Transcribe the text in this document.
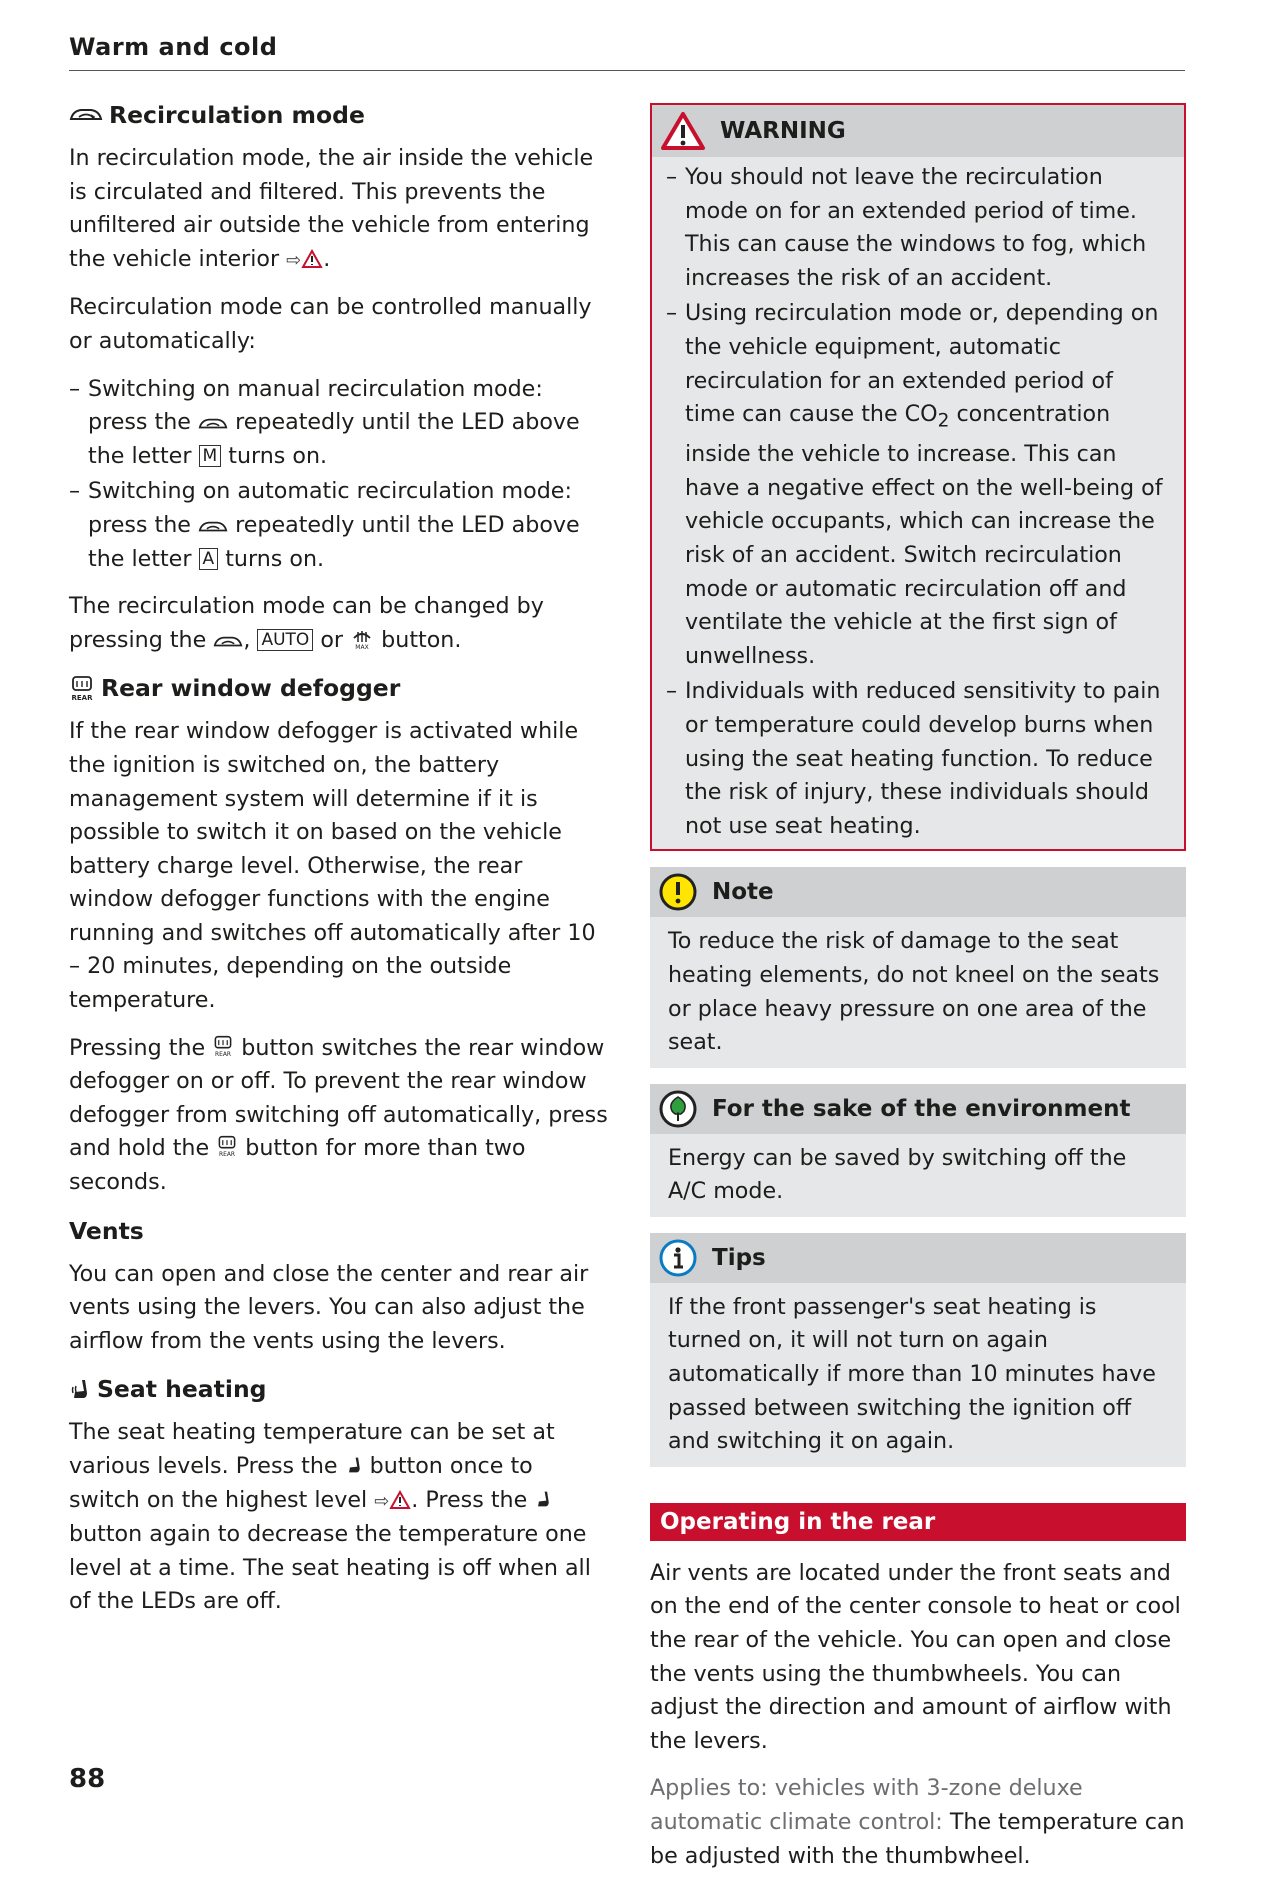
Warm and cold
Recirculation mode

In recirculation mode, the air inside the vehicle is circulated and filtered. This prevents the unfiltered air outside the vehicle from entering the vehicle interior ⇨ .

Recirculation mode can be controlled manually or automatically:

– Switching on manual recirculation mode: press the repeatedly until the LED above the letter M turns on.
– Switching on automatic recirculation mode: press the repeatedly until the LED above the letter A turns on.

The recirculation mode can be changed by pressing the , AUTO or MAX button.

REAR Rear window defogger

If the rear window defogger is activated while the ignition is switched on, the battery management system will determine if it is possible to switch it on based on the vehicle battery charge level. Otherwise, the rear window defogger functions with the engine running and switches off automatically after 10 – 20 minutes, depending on the outside temperature.

Pressing the REAR button switches the rear window defogger on or off. To prevent the rear window defogger from switching off automatically, press and hold the REAR button for more than two seconds.

Vents

You can open and close the center and rear air vents using the levers. You can also adjust the airflow from the vents using the levers.

Seat heating

The seat heating temperature can be set at various levels. Press the button once to switch on the highest level ⇨ . Press the  button again to decrease the temperature one level at a time. The seat heating is off when all of the LEDs are off.

WARNING
– You should not leave the recirculation mode on for an extended period of time. This can cause the windows to fog, which increases the risk of an accident.
– Using recirculation mode or, depending on the vehicle equipment, automatic recirculation for an extended period of time can cause the $CO_2$ concentration inside the vehicle to increase. This can have a negative effect on the well-being of vehicle occupants, which can increase the risk of an accident. Switch recirculation mode or automatic recirculation off and ventilate the vehicle at the first sign of unwellness.
– Individuals with reduced sensitivity to pain or temperature could develop burns when using the seat heating function. To reduce the risk of injury, these individuals should not use seat heating.
Note

To reduce the risk of damage to the seat heating elements, do not kneel on the seats or place heavy pressure on one area of the seat.

For the sake of the environment

Energy can be saved by switching off the A/C mode.

Tips

If the front passenger's seat heating is turned on, it will not turn on again automatically if more than 10 minutes have passed between switching the ignition off and switching it on again.

Operating in the rear

Air vents are located under the front seats and on the end of the center console to heat or cool the rear of the vehicle. You can open and close the vents using the thumbwheels. You can adjust the direction and amount of airflow with the levers.

Applies to: vehicles with 3-zone deluxe automatic climate control: The temperature can be adjusted with the thumbwheel.

88
